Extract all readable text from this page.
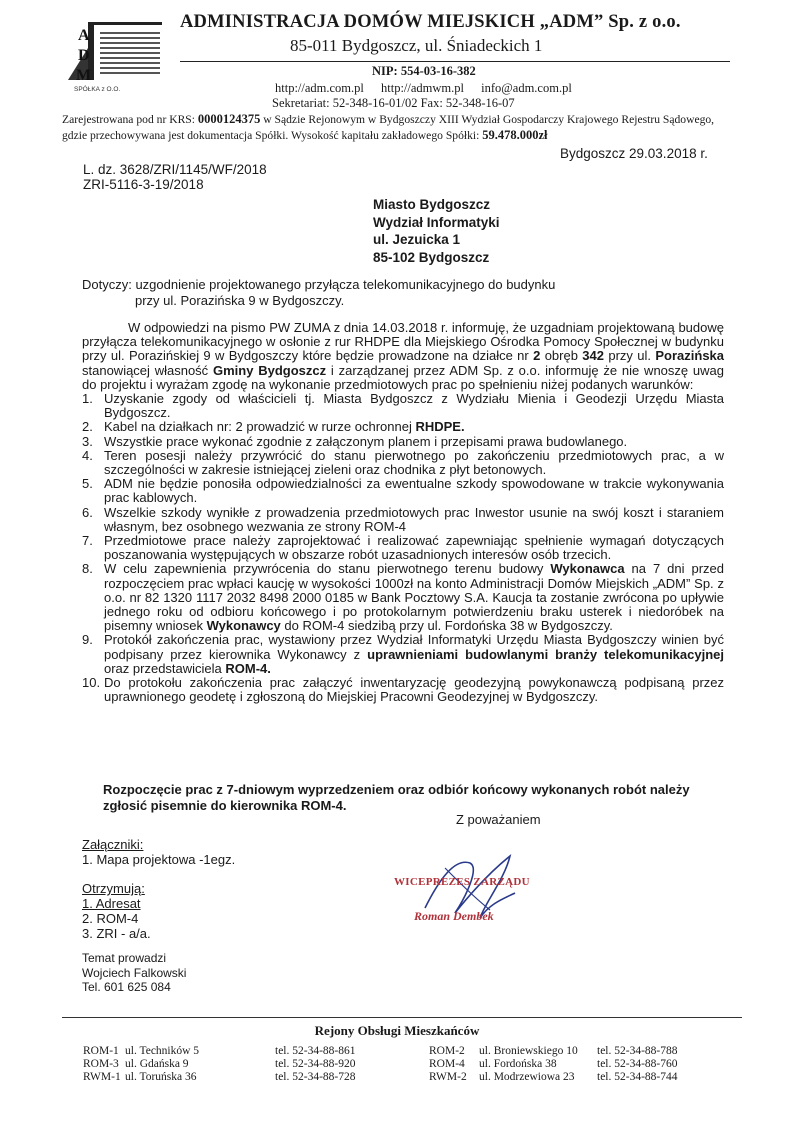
A
D
M
SPÓŁKA z O.O.
ADMINISTRACJA DOMÓW MIEJSKICH „ADM” Sp. z o.o.
85-011 Bydgoszcz, ul. Śniadeckich 1
NIP: 554-03-16-382
http://adm.com.pl http://admwm.pl info@adm.com.pl
Sekretariat: 52-348-16-01/02 Fax: 52-348-16-07
Zarejestrowana pod nr KRS: 0000124375 w Sądzie Rejonowym w Bydgoszczy XIII Wydział Gospodarczy Krajowego Rejestru Sądowego, gdzie przechowywana jest dokumentacja Spółki. Wysokość kapitału zakładowego Spółki: 59.478.000zł
Bydgoszcz 29.03.2018 r.
L. dz. 3628/ZRI/1145/WF/2018
ZRI-5116-3-19/2018
Miasto Bydgoszcz
Wydział Informatyki
ul. Jezuicka 1
85-102 Bydgoszcz
Dotyczy: uzgodnienie projektowanego przyłącza telekomunikacyjnego do budynku
przy ul. Porazińska 9 w Bydgoszczy.

W odpowiedzi na pismo PW ZUMA z dnia 14.03.2018 r. informuję, że uzgadniam projektowaną budowę przyłącza telekomunikacyjnego w osłonie z rur RHDPE dla Miejskiego Ośrodka Pomocy Społecznej w budynku przy ul. Porazińskiej 9 w Bydgoszczy które będzie prowadzone na działce nr 2 obręb 342 przy ul. Porazińska stanowiącej własność Gminy Bydgoszcz i zarządzanej przez ADM Sp. z o.o. informuję że nie wnoszę uwag do projektu i wyrażam zgodę na wykonanie przedmiotowych prac po spełnieniu niżej podanych warunków:

1. Uzyskanie zgody od właścicieli tj. Miasta Bydgoszcz z Wydziału Mienia i Geodezji Urzędu Miasta Bydgoszcz.
2. Kabel na działkach nr: 2 prowadzić w rurze ochronnej RHDPE.
3. Wszystkie prace wykonać zgodnie z załączonym planem i przepisami prawa budowlanego.
4. Teren posesji należy przywrócić do stanu pierwotnego po zakończeniu przedmiotowych prac, a w szczególności w zakresie istniejącej zieleni oraz chodnika z płyt betonowych.
5. ADM nie będzie ponosiła odpowiedzialności za ewentualne szkody spowodowane w trakcie wykonywania prac kablowych.
6. Wszelkie szkody wynikłe z prowadzenia przedmiotowych prac Inwestor usunie na swój koszt i staraniem własnym, bez osobnego wezwania ze strony ROM-4
7. Przedmiotowe prace należy zaprojektować i realizować zapewniając spełnienie wymagań dotyczących poszanowania występujących w obszarze robót uzasadnionych interesów osób trzecich.
8. W celu zapewnienia przywrócenia do stanu pierwotnego terenu budowy Wykonawca na 7 dni przed rozpoczęciem prac wpłaci kaucję w wysokości 1000zł na konto Administracji Domów Miejskich „ADM” Sp. z o.o. nr 82 1320 1117 2032 8498 2000 0185 w Bank Pocztowy S.A. Kaucja ta zostanie zwrócona po upływie jednego roku od odbioru końcowego i po protokolarnym potwierdzeniu braku usterek i niedoróbek na pisemny wniosek Wykonawcy do ROM-4 siedzibą przy ul. Fordońska 38 w Bydgoszczy.
9. Protokół zakończenia prac, wystawiony przez Wydział Informatyki Urzędu Miasta Bydgoszczy winien być podpisany przez kierownika Wykonawcy z uprawnieniami budowlanymi branży telekomunikacyjnej oraz przedstawiciela ROM-4.
10. Do protokołu zakończenia prac załączyć inwentaryzację geodezyjną powykonawczą podpisaną przez uprawnionego geodetę i zgłoszoną do Miejskiej Pracowni Geodezyjnej w Bydgoszczy.
Rozpoczęcie prac z 7-dniowym wyprzedzeniem oraz odbiór końcowy wykonanych robót należy zgłosić pisemnie do kierownika ROM-4.
Z poważaniem
Załączniki:
1. Mapa projektowa -1egz.
Otrzymują:
1. Adresat
2. ROM-4
3. ZRI - a/a.
Temat prowadzi
Wojciech Falkowski
Tel. 601 625 084
WICEPREZES ZARZĄDU
Roman Dembek
Rejony Obsługi Mieszkańców
ROM-1 ul. Techników 5	tel. 52-34-88-861
ROM-3 ul. Gdańska 9	tel. 52-34-88-920
RWM-1 ul. Toruńska 36	tel. 52-34-88-728
ROM-2 ul. Broniewskiego 10 tel. 52-34-88-788
ROM-4 ul. Fordońska 38	tel. 52-34-88-760
RWM-2 ul. Modrzewiowa 23 tel. 52-34-88-744
